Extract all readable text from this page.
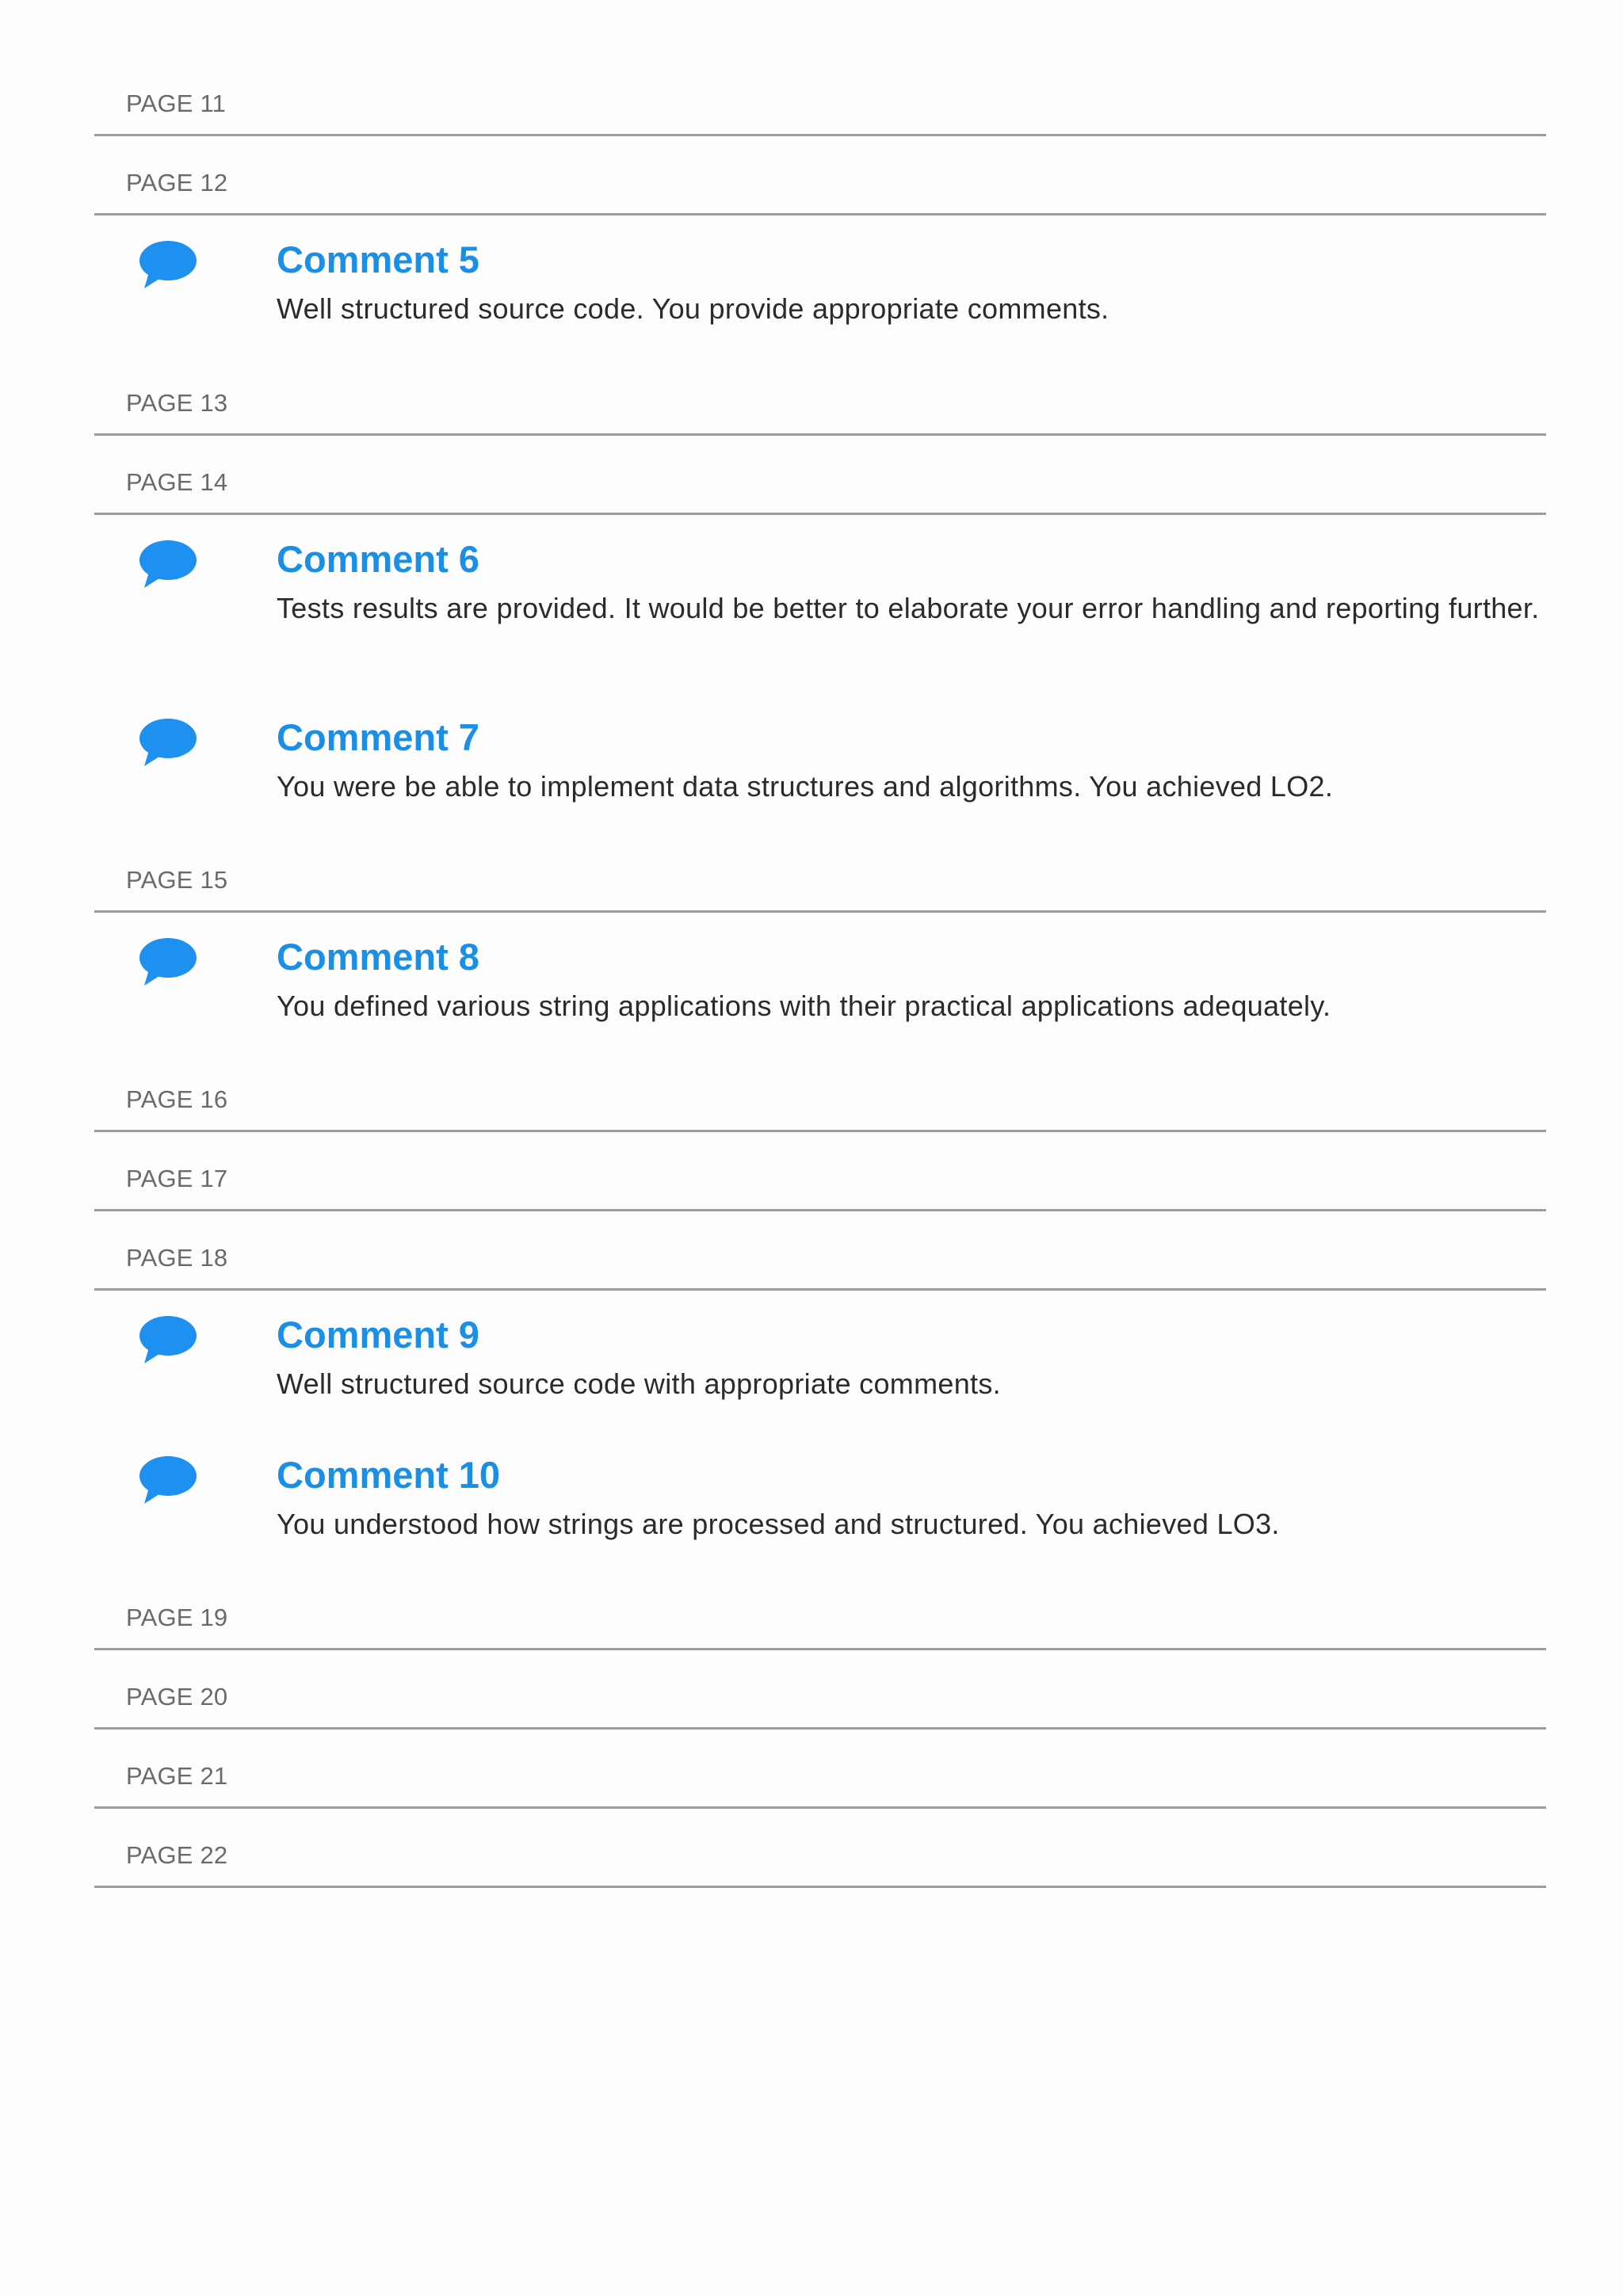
PAGE 11
PAGE 12
Comment 5
Well structured source code. You provide appropriate comments.
PAGE 13
PAGE 14
Comment 6
Tests results are provided. It would be better to elaborate your error handling and reporting further.
Comment 7
You were be able to implement data structures and algorithms. You achieved LO2.
PAGE 15
Comment 8
You defined various string applications with their practical applications adequately.
PAGE 16
PAGE 17
PAGE 18
Comment 9
Well structured source code with appropriate comments.
Comment 10
You understood how strings are processed and structured. You achieved LO3.
PAGE 19
PAGE 20
PAGE 21
PAGE 22
